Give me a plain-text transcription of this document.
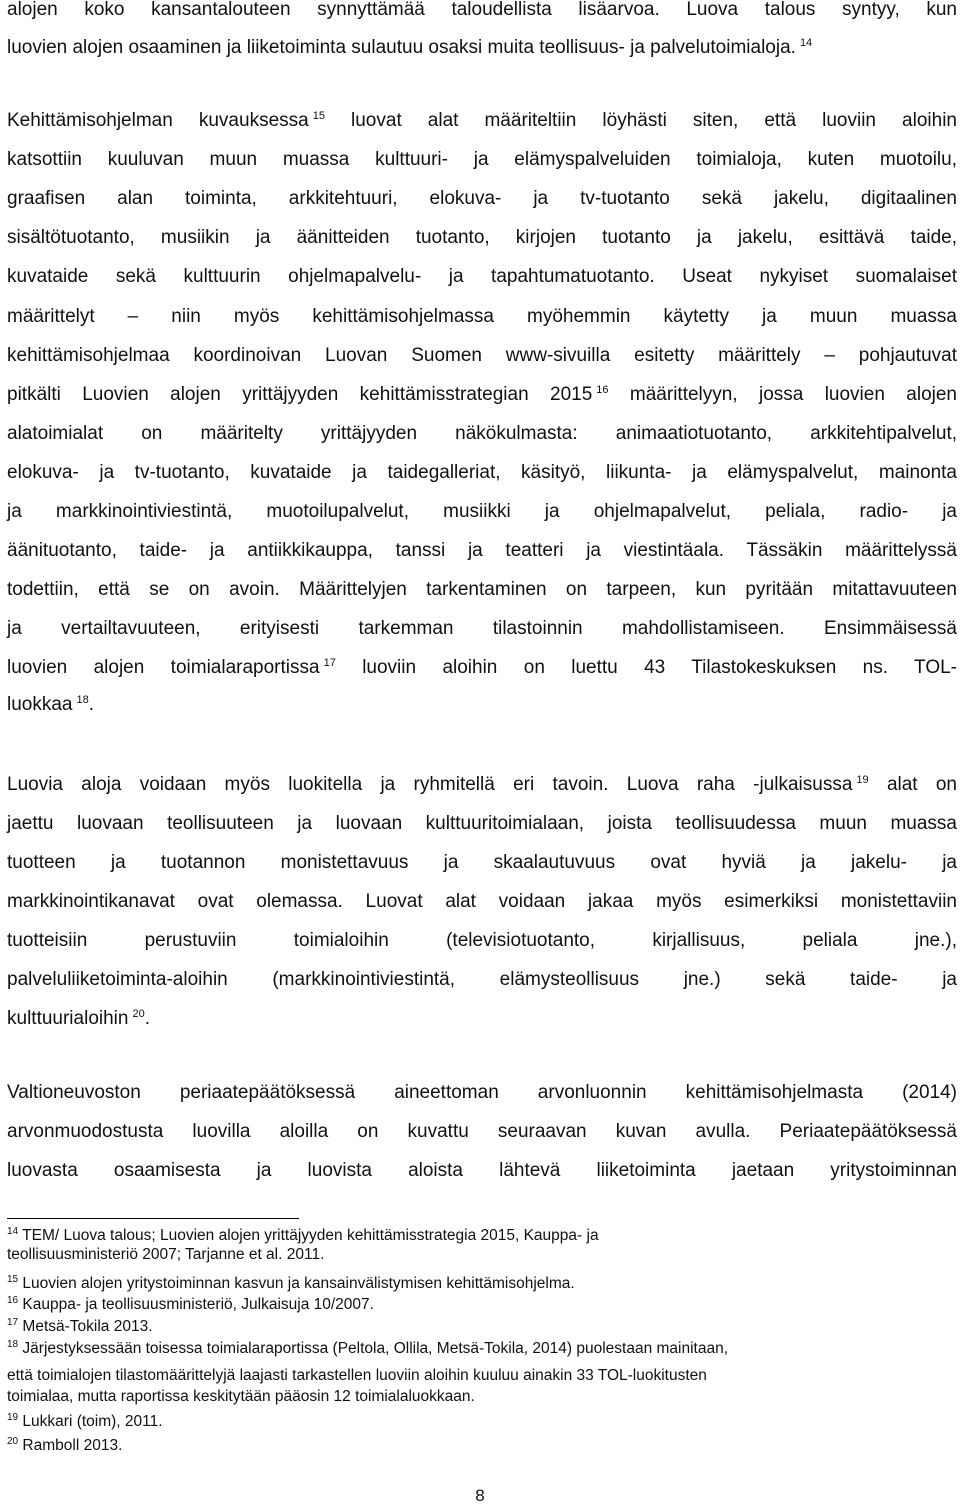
alojen koko kansantalouteen synnyttämää taloudellista lisäarvoa. Luova talous syntyy, kun
luovien alojen osaaminen ja liiketoiminta sulautuu osaksi muita teollisuus- ja palvelutoimialoja. $^{14}$
Kehittämisohjelman kuvauksessa $^{15}$ luovat alat määriteltiin löyhästi siten, että luoviin aloihin
katsottiin kuuluvan muun muassa kulttuuri- ja elämyspalveluiden toimialoja, kuten muotoilu,
graafisen alan toiminta, arkkitehtuuri, elokuva- ja tv-tuotanto sekä jakelu, digitaalinen
sisältötuotanto, musiikin ja äänitteiden tuotanto, kirjojen tuotanto ja jakelu, esittävä taide,
kuvataide sekä kulttuurin ohjelmapalvelu- ja tapahtumatuotanto. Useat nykyiset suomalaiset
määrittelyt – niin myös kehittämisohjelmassa myöhemmin käytetty ja muun muassa
kehittämisohjelmaa koordinoivan Luovan Suomen www-sivuilla esitetty määrittely – pohjautuvat
pitkälti Luovien alojen yrittäjyyden kehittämisstrategian 2015 $^{16}$ määrittelyyn, jossa luovien alojen
alatoimialat on määritelty yrittäjyyden näkökulmasta: animaatiotuotanto, arkkitehtipalvelut,
elokuva- ja tv-tuotanto, kuvataide ja taidegalleriat, käsityö, liikunta- ja elämyspalvelut, mainonta
ja markkinointiviestintä, muotoilupalvelut, musiikki ja ohjelmapalvelut, peliala, radio- ja
äänituotanto, taide- ja antiikkikauppa, tanssi ja teatteri ja viestintäala. Tässäkin määrittelyssä
todettiin, että se on avoin. Määrittelyjen tarkentaminen on tarpeen, kun pyritään mitattavuuteen
ja vertailtavuuteen, erityisesti tarkemman tilastoinnin mahdollistamiseen. Ensimmäisessä
luovien alojen toimialaraportissa $^{17}$ luoviin aloihin on luettu 43 Tilastokeskuksen ns. TOL-
luokkaa $^{18}$.
Luovia aloja voidaan myös luokitella ja ryhmitellä eri tavoin. Luova raha -julkaisussa $^{19}$ alat on
jaettu luovaan teollisuuteen ja luovaan kulttuuritoimialaan, joista teollisuudessa muun muassa
tuotteen ja tuotannon monistettavuus ja skaalautuvuus ovat hyviä ja jakelu- ja
markkinointikanavat ovat olemassa. Luovat alat voidaan jakaa myös esimerkiksi monistettaviin
tuotteisiin perustuviin toimialoihin (televisiotuotanto, kirjallisuus, peliala jne.),
palveluliiketoiminta-aloihin (markkinointiviestintä, elämysteollisuus jne.) sekä taide- ja
kulttuurialoihin $^{20}$.
Valtioneuvoston periaatepäätöksessä aineettoman arvonluonnin kehittämisohjelmasta (2014)
arvonmuodostusta luovilla aloilla on kuvattu seuraavan kuvan avulla. Periaatepäätöksessä
luovasta osaamisesta ja luovista aloista lähtevä liiketoiminta jaetaan yritystoiminnan
$^{14}$ TEM/ Luova talous; Luovien alojen yrittäjyyden kehittämisstrategia 2015, Kauppa- ja
teollisuusministeriö 2007; Tarjanne et al. 2011.
$^{15}$ Luovien alojen yritystoiminnan kasvun ja kansainvälistymisen kehittämisohjelma.
$^{16}$ Kauppa- ja teollisuusministeriö, Julkaisuja 10/2007.
$^{17}$ Metsä-Tokila 2013.
$^{18}$ Järjestyksessään toisessa toimialaraportissa (Peltola, Ollila, Metsä-Tokila, 2014) puolestaan mainitaan,
että toimialojen tilastomäärittelyjä laajasti tarkastellen luoviin aloihin kuuluu ainakin 33 TOL-luokitusten
toimialaa, mutta raportissa keskitytään pääosin 12 toimialaluokkaan.
$^{19}$ Lukkari (toim), 2011.
$^{20}$ Ramboll 2013.
8
